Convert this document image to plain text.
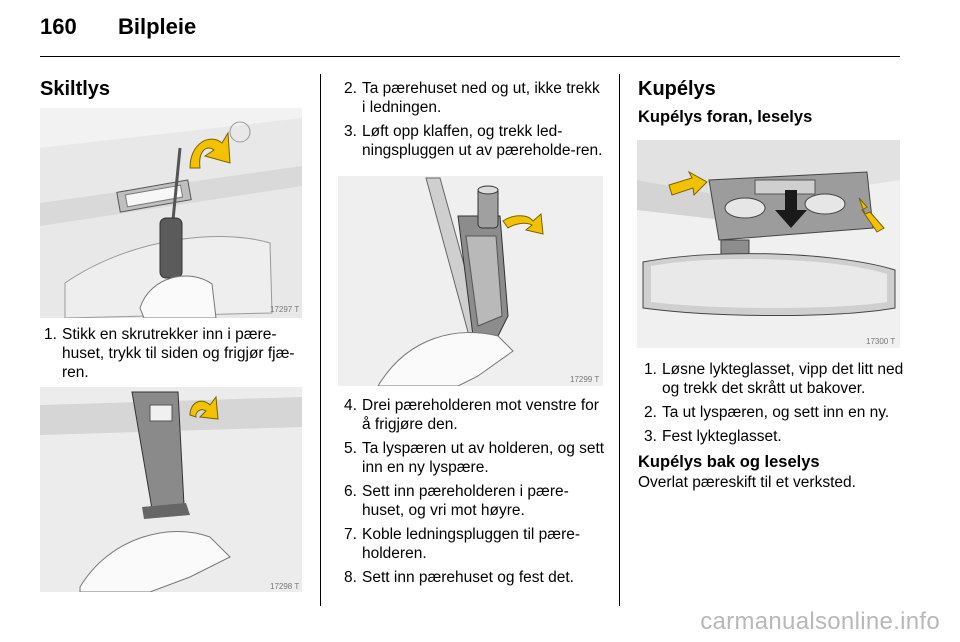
160 Bilpleie
Skiltlys
17297 T
1. Stikk en skrutrekker inn i pære-huset, trykk til siden og frigjør fjæ-ren.
17298 T
2. Ta pærehuset ned og ut, ikke trekk i ledningen.
3. Løft opp klaffen, og trekk led-ningspluggen ut av pæreholde-ren.
17299 T
4. Drei pæreholderen mot venstre for å frigjøre den.
5. Ta lyspæren ut av holderen, og sett inn en ny lyspære.
6. Sett inn pæreholderen i pære-huset, og vri mot høyre.
7. Koble ledningspluggen til pære-holderen.
8. Sett inn pærehuset og fest det.
Kupélys
Kupélys foran, leselys
17300 T
1. Løsne lykteglasset, vipp det litt ned og trekk det skrått ut bakover.
2. Ta ut lyspæren, og sett inn en ny.
3. Fest lykteglasset.
Kupélys bak og leselys
Overlat pæreskift til et verksted.
carmanualsonline.info
